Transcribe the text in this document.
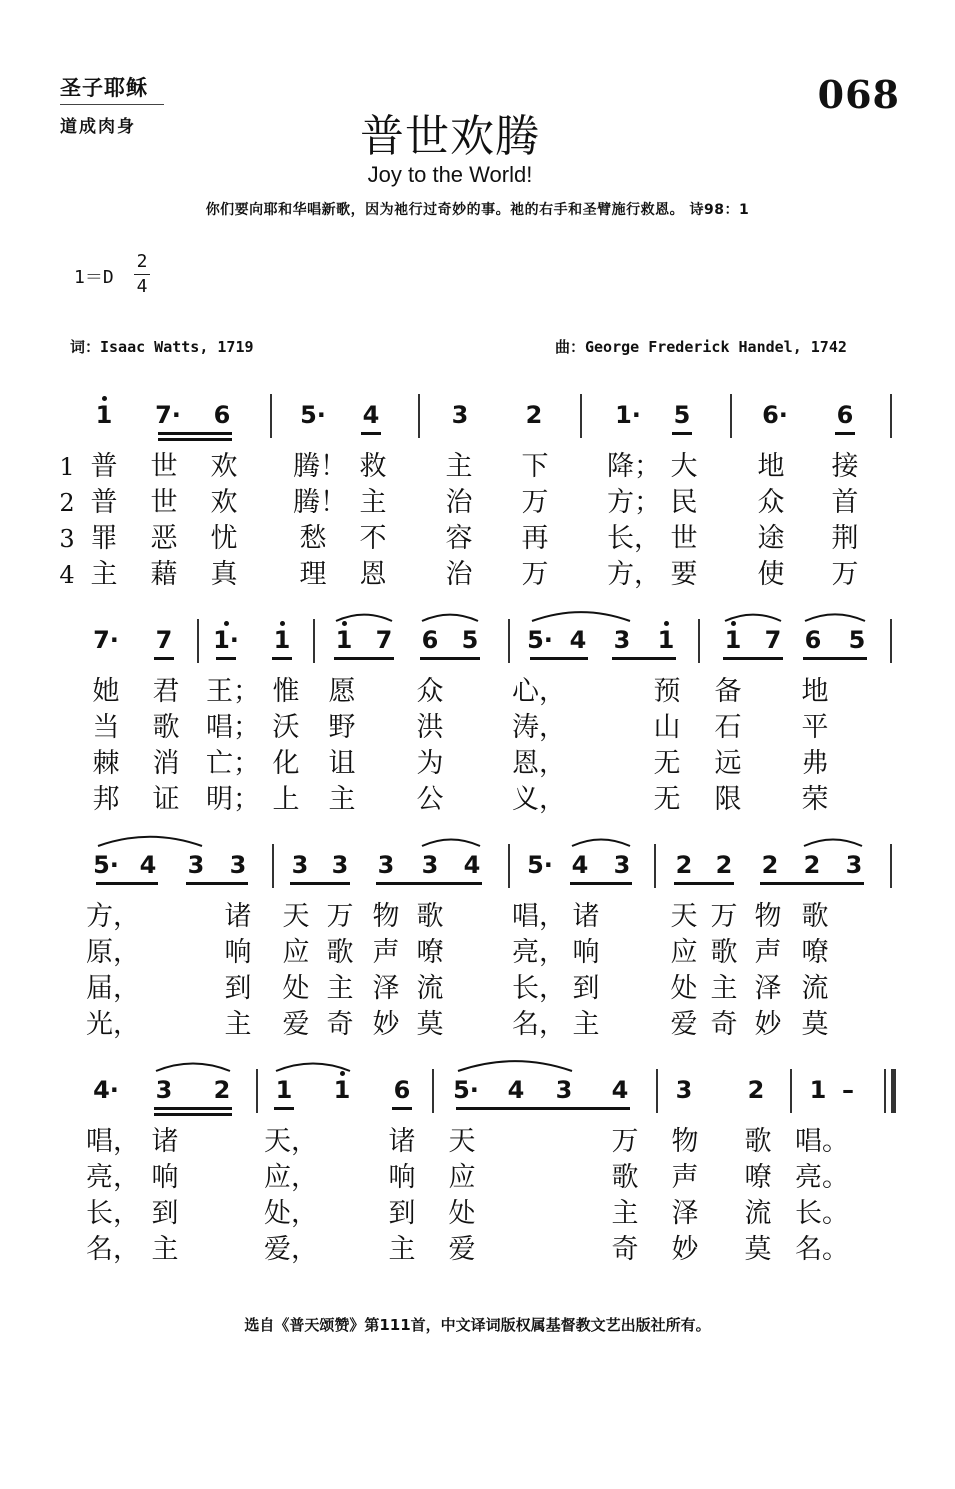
圣子耶稣
道成肉身
068
普世欢腾
Joy to the World!
你们要向耶和华唱新歌，因为祂行过奇妙的事。祂的右手和圣臂施行救恩。 诗98：1
$1=D \frac{2}{4}$
词：Isaac Watts, 1719	曲：George Frederick Handel, 1742
1	7·	6	5·	4	3	2	1·	5	6·	6
1 普 世 欢 腾！ 救 主 下 降； 大 地 接
2 普 世 欢 腾！ 主 治 万 方； 民 众 首
3 罪 恶 忧 愁 不 容 再 长， 世 途 荆
4 主 藉 真 理 恩 治 万 方， 要 使 万
7·	7	1·	1	1 7	6 5	5· 4	3	1	1 7 6	5
她 君 王； 惟 愿 众	心，	预 备 地
当 歌 唱； 沃 野 洪	涛，	山 石 平
棘 消 亡； 化 诅 为	恩，	无 远 弗
邦 证 明； 上 主 公	义，	无 限 荣
5· 4	3	3	3 3	3	3	4	5· 4	3	2 2	2	2	3
方，	诸 天 万 物 歌	唱， 诸	天 万 物 歌
原，	响 应 歌 声 嘹	亮， 响	应 歌 声 嘹
届，	到 处 主 泽 流	长， 到	处 主 泽 流
光，	主 爱 奇 妙 莫	名， 主	爱 奇 妙 莫
4·	3	2	1	1	6	5·	4	3	4	3	2	1 –
唱， 诸	天，	诸 天	万 物 歌 唱。
亮， 响	应，	响 应	歌 声 嘹 亮。
长， 到	处，	到 处	主 泽 流 长。
名， 主	爱，	主 爱	奇 妙 莫 名。
选自《普天颂赞》第111首，中文译词版权属基督教文艺出版社所有。
